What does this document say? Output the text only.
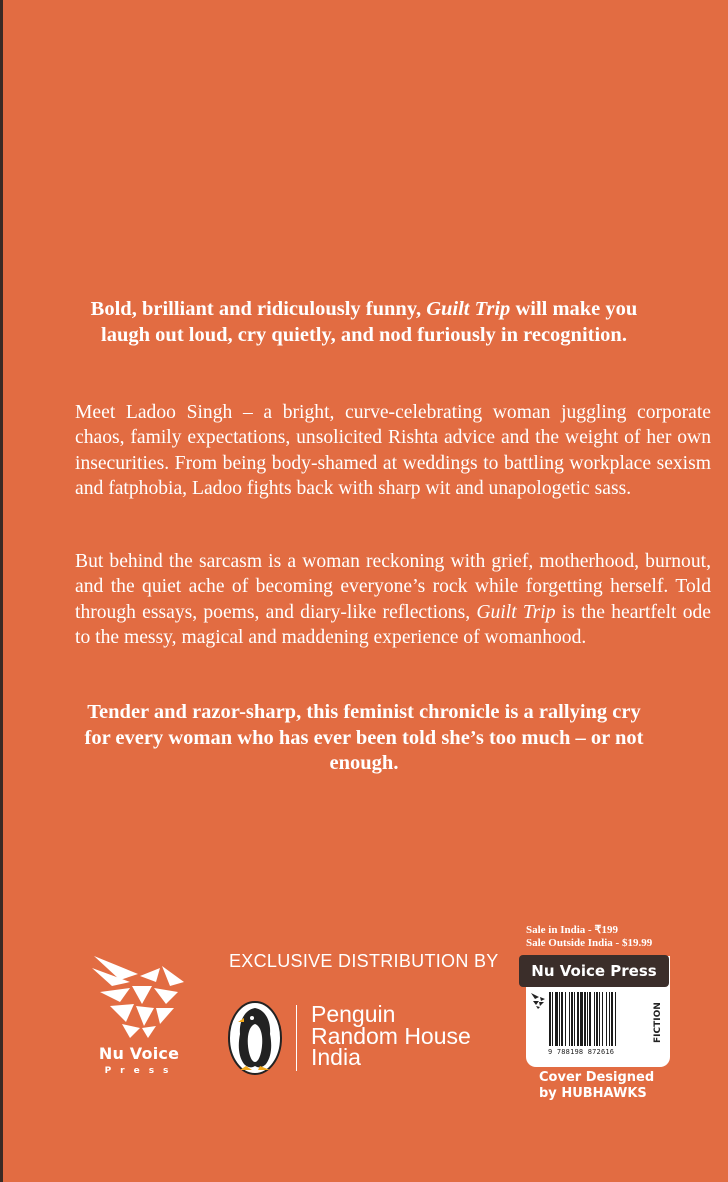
Bold, brilliant and ridiculously funny, Guilt Trip will make you laugh out loud, cry quietly, and nod furiously in recognition.
Meet Ladoo Singh – a bright, curve-celebrating woman juggling corporate chaos, family expectations, unsolicited Rishta advice and the weight of her own insecurities. From being body-shamed at weddings to battling workplace sexism and fatphobia, Ladoo fights back with sharp wit and unapologetic sass.
But behind the sarcasm is a woman reckoning with grief, motherhood, burnout, and the quiet ache of becoming everyone’s rock while forgetting herself. Told through essays, poems, and diary-like reflections, Guilt Trip is the heartfelt ode to the messy, magical and maddening experience of womanhood.
Tender and razor-sharp, this feminist chronicle is a rallying cry for every woman who has ever been told she’s too much – or not enough.
Nu Voice
Press
EXCLUSIVE DISTRIBUTION BY
Penguin
Random House
India
Sale in India - ₹199
Sale Outside India - $19.99
Nu Voice Press
9 788198 872616
FICTION
Cover Designed
by HUBHAWKS
